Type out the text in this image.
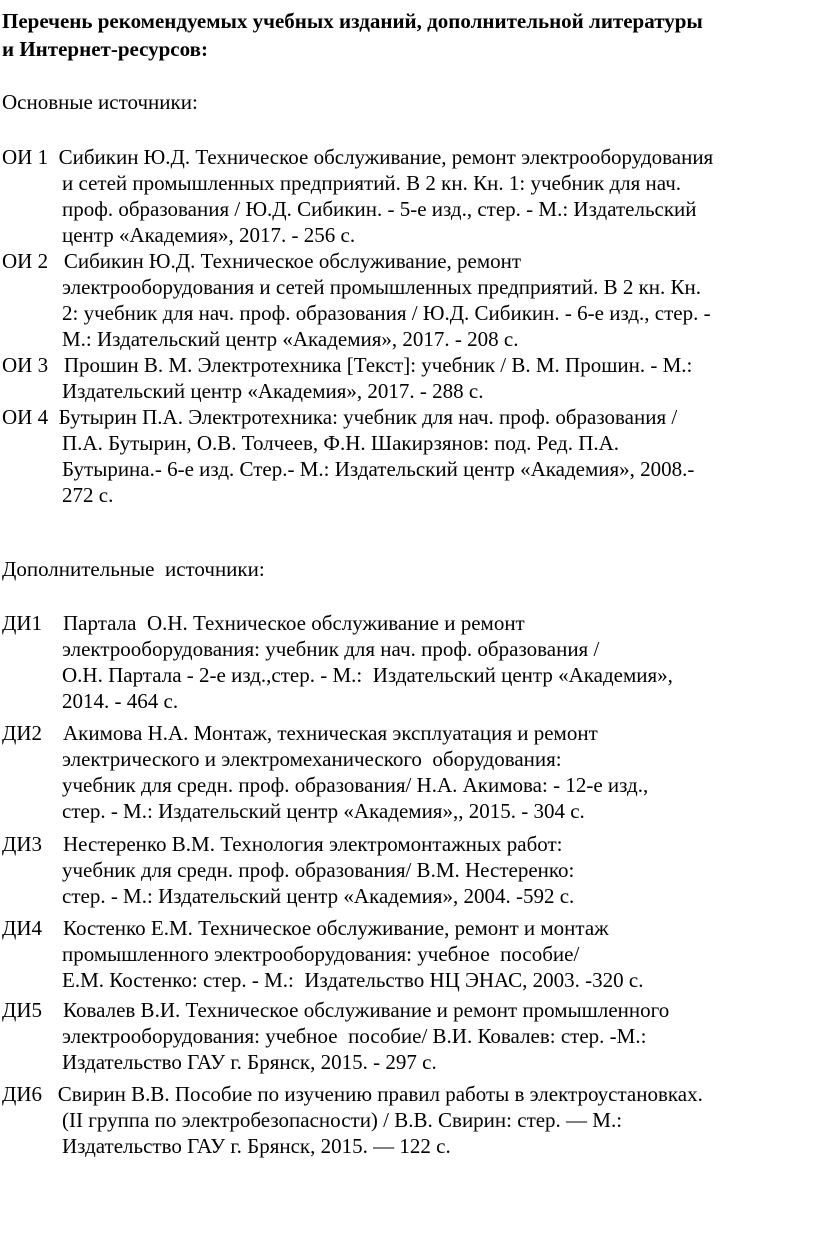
Перечень рекомендуемых учебных изданий, дополнительной литературы
и Интернет-ресурсов:
Основные источники:
ОИ 1  Сибикин Ю.Д. Техническое обслуживание, ремонт электрооборудования
и сетей промышленных предприятий. В 2 кн. Кн. 1: учебник для нач.
проф. образования / Ю.Д. Сибикин. - 5-е изд., стер. - М.: Издательский
центр «Академия», 2017. - 256 с.
ОИ 2   Сибикин Ю.Д. Техническое обслуживание, ремонт
электрооборудования и сетей промышленных предприятий. В 2 кн. Кн.
2: учебник для нач. проф. образования / Ю.Д. Сибикин. - 6-е изд., стер. -
М.: Издательский центр «Академия», 2017. - 208 с.
ОИ 3   Прошин В. М. Электротехника [Текст]: учебник / В. М. Прошин. - М.:
Издательский центр «Академия», 2017. - 288 с.
ОИ 4  Бутырин П.А. Электротехника: учебник для нач. проф. образования /
П.А. Бутырин, О.В. Толчеев, Ф.Н. Шакирзянов: под. Ред. П.А.
Бутырина.- 6-е изд. Стер.- М.: Издательский центр «Академия», 2008.-
272 с.
Дополнительные  источники:
ДИ1    Партала  О.Н. Техническое обслуживание и ремонт
электрооборудования: учебник для нач. проф. образования /
О.Н. Партала - 2-е изд.,стер. - М.:  Издательский центр «Академия»,
2014. - 464 с.
ДИ2    Акимова Н.А. Монтаж, техническая эксплуатация и ремонт
электрического и электромеханического  оборудования:
учебник для средн. проф. образования/ Н.А. Акимова: - 12-е изд.,
стер. - М.: Издательский центр «Академия»,, 2015. - 304 с.
ДИ3    Нестеренко В.М. Технология электромонтажных работ:
учебник для средн. проф. образования/ В.М. Нестеренко:
стер. - М.: Издательский центр «Академия», 2004. -592 с.
ДИ4    Костенко Е.М. Техническое обслуживание, ремонт и монтаж
промышленного электрооборудования: учебное  пособие/
Е.М. Костенко: стер. - М.:  Издательство НЦ ЭНАС, 2003. -320 с.
ДИ5    Ковалев В.И. Техническое обслуживание и ремонт промышленного
электрооборудования: учебное  пособие/ В.И. Ковалев: стер. -М.:
Издательство ГАУ г. Брянск, 2015. - 297 с.
ДИ6   Свирин В.В. Пособие по изучению правил работы в электроустановках.
(II группа по электробезопасности) / В.В. Свирин: стер. — М.:
Издательство ГАУ г. Брянск, 2015. — 122 с.
